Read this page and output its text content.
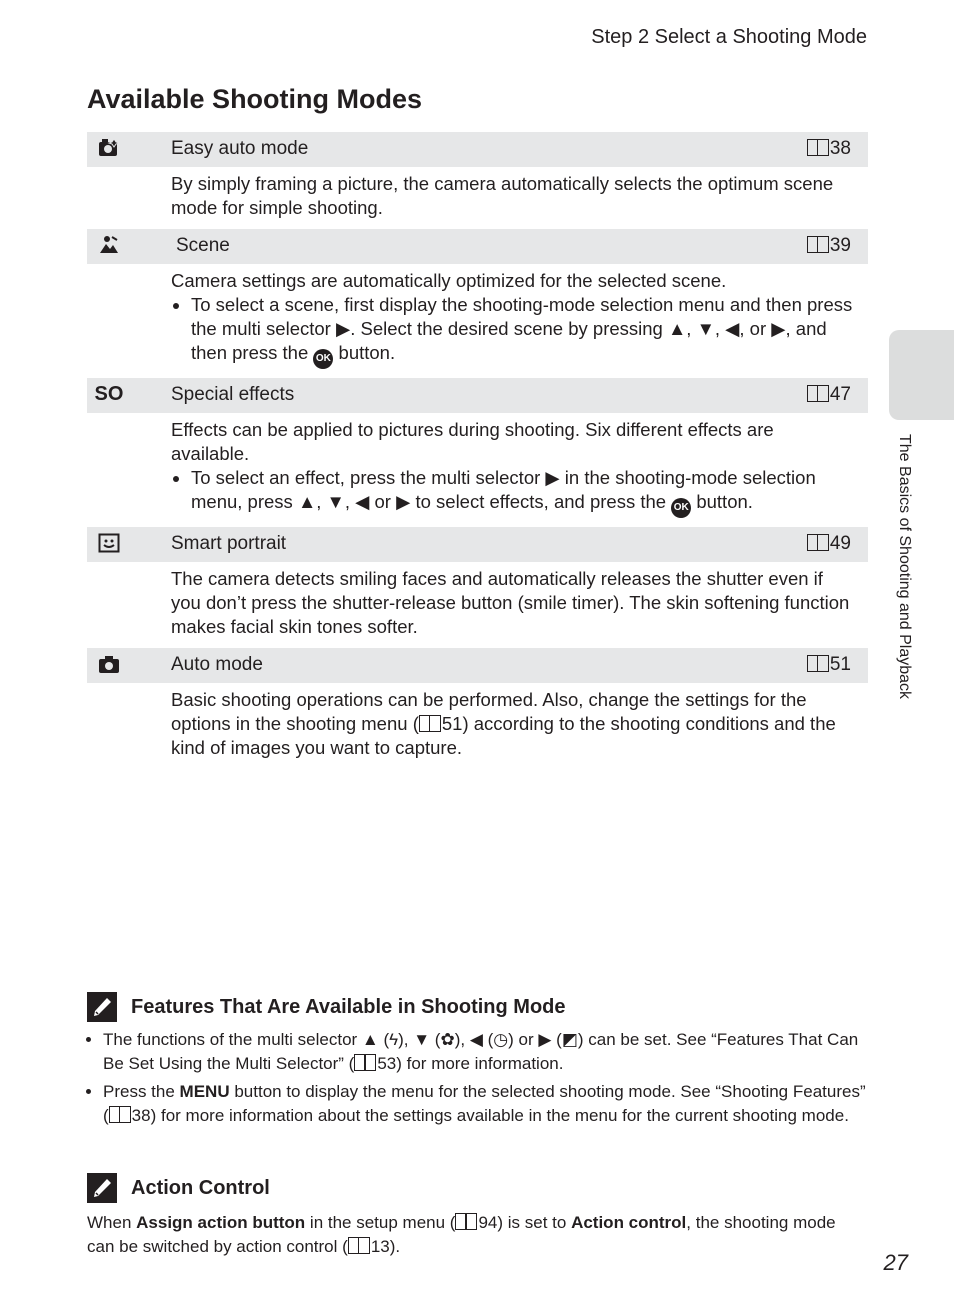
Step 2 Select a Shooting Mode
Available Shooting Modes
The Basics of Shooting and Playback
Easy auto mode	38

By simply framing a picture, the camera automatically selects the optimum scene mode for simple shooting.

Scene	39

Camera settings are automatically optimized for the selected scene.

• To select a scene, first display the shooting-mode selection menu and then press the multi selector ▶. Select the desired scene by pressing ▲, ▼, ◀, or ▶, and then press the OK button.
SO	Special effects	47

Effects can be applied to pictures during shooting. Six different effects are available.

• To select an effect, press the multi selector ▶ in the shooting-mode selection menu, press ▲, ▼, ◀ or ▶ to select effects, and press the OK button.
Smart portrait	49

The camera detects smiling faces and automatically releases the shutter even if you don’t press the shutter-release button (smile timer). The skin softening function makes facial skin tones softer.

Auto mode	51

Basic shooting operations can be performed. Also, change the settings for the options in the shooting menu ( 51) according to the shooting conditions and the kind of images you want to capture.

Features That Are Available in Shooting Mode
• The functions of the multi selector ▲ (ϟ), ▼ (✿), ◀ (◷) or ▶ (◩) can be set. See “Features That Can Be Set Using the Multi Selector” ( 53) for more information.
• Press the MENU button to display the menu for the selected shooting mode. See “Shooting Features” ( 38) for more information about the settings available in the menu for the current shooting mode.
Action Control

When Assign action button in the setup menu ( 94) is set to Action control, the shooting mode can be switched by action control ( 13).

27
